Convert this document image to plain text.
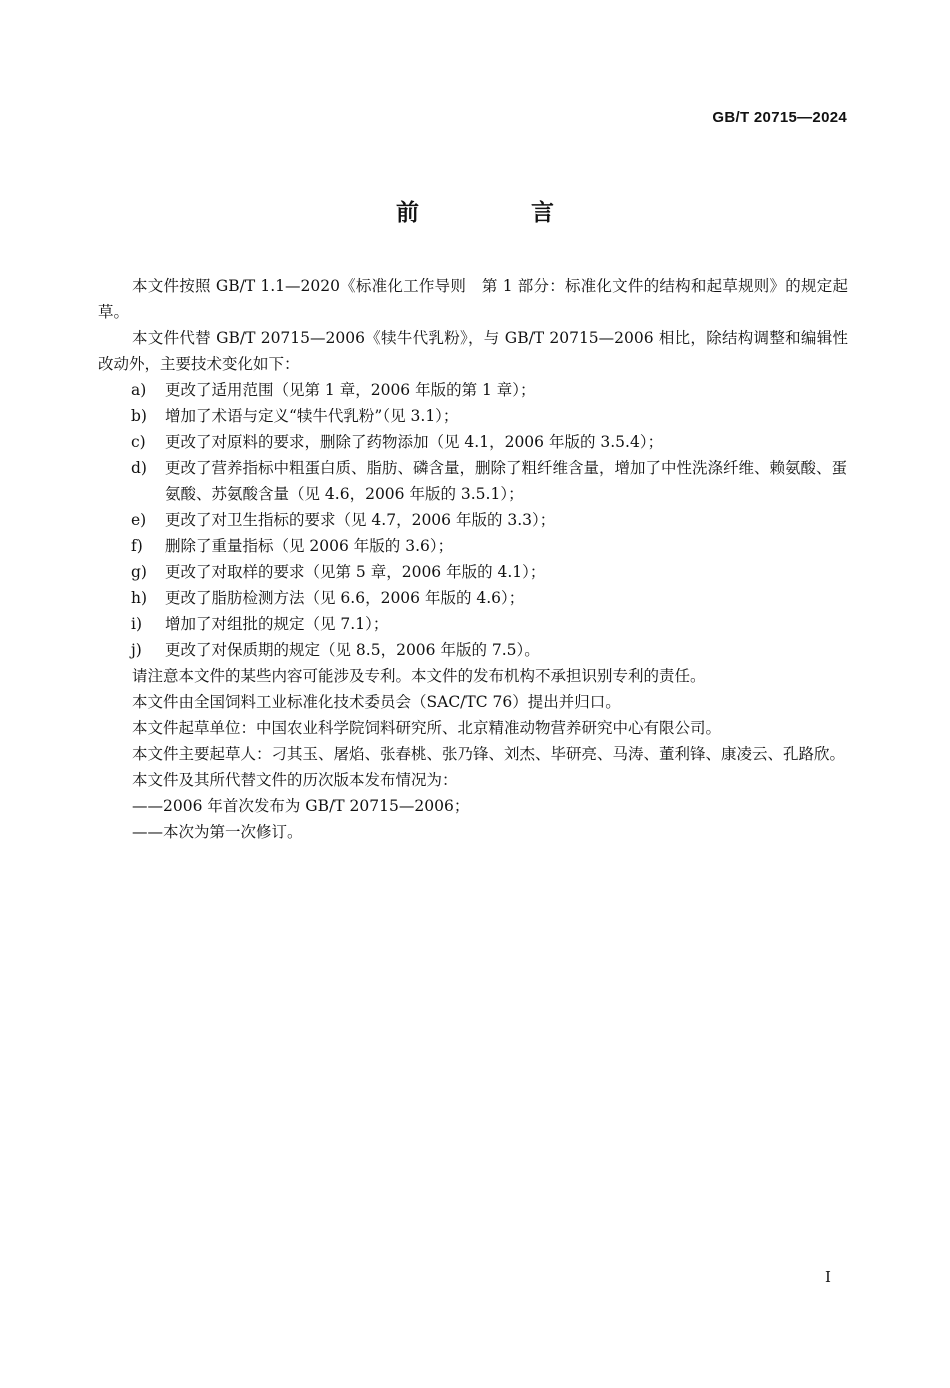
GB/T 20715—2024
前 言

本文件按照 GB/T 1.1—2020《标准化工作导则　第 1 部分：标准化文件的结构和起草规则》的规定起草。

本文件代替 GB/T 20715—2006《犊牛代乳粉》，与 GB/T 20715—2006 相比，除结构调整和编辑性改动外，主要技术变化如下：

a) 更改了适用范围（见第 1 章，2006 年版的第 1 章）；

b) 增加了术语与定义“犊牛代乳粉”（见 3.1）；

c) 更改了对原料的要求，删除了药物添加（见 4.1，2006 年版的 3.5.4）；

d) 更改了营养指标中粗蛋白质、脂肪、磷含量，删除了粗纤维含量，增加了中性洗涤纤维、赖氨酸、蛋氨酸、苏氨酸含量（见 4.6，2006 年版的 3.5.1）；

e) 更改了对卫生指标的要求（见 4.7，2006 年版的 3.3）；

f) 删除了重量指标（见 2006 年版的 3.6）；

g) 更改了对取样的要求（见第 5 章，2006 年版的 4.1）；

h) 更改了脂肪检测方法（见 6.6，2006 年版的 4.6）；

i) 增加了对组批的规定（见 7.1）；

j) 更改了对保质期的规定（见 8.5，2006 年版的 7.5）。

请注意本文件的某些内容可能涉及专利。本文件的发布机构不承担识别专利的责任。

本文件由全国饲料工业标准化技术委员会（SAC/TC 76）提出并归口。

本文件起草单位：中国农业科学院饲料研究所、北京精准动物营养研究中心有限公司。

本文件主要起草人：刁其玉、屠焰、张春桃、张乃锋、刘杰、毕研亮、马涛、董利锋、康凌云、孔路欣。

本文件及其所代替文件的历次版本发布情况为：

——2006 年首次发布为 GB/T 20715—2006；

——本次为第一次修订。

I
